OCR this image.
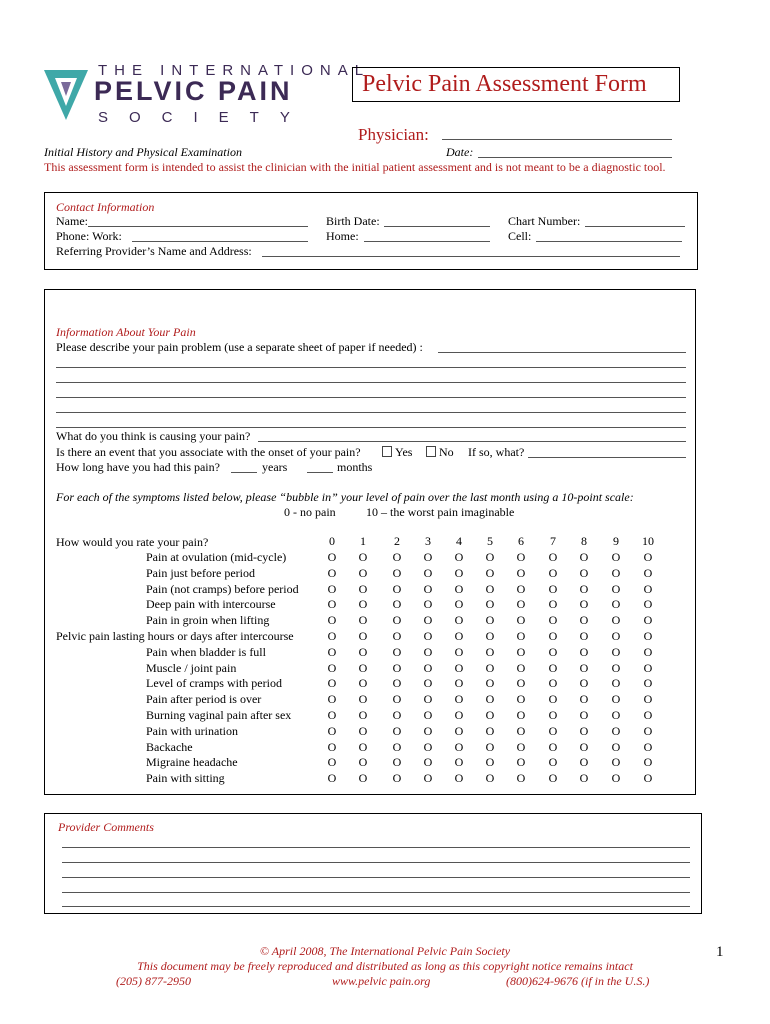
THE INTERNATIONAL
PELVIC PAIN
SOCIETY
Pelvic Pain Assessment Form
Physician:
Initial History and Physical Examination	Date:
This assessment form is intended to assist the clinician with the initial patient assessment and is not meant to be a diagnostic tool.
Contact Information
Name:	Birth Date:	Chart Number:
Phone: Work:	Home:	Cell:
Referring Provider’s Name and Address:
Information About Your Pain
Please describe your pain problem (use a separate sheet of paper if needed) :
What do you think is causing your pain?
Is there an event that you associate with the onset of your pain?	Yes	No If so, what?
How long have you had this pain?	years	months
For each of the symptoms listed below, please “bubble in” your level of pain over the last month using a 10-point scale:
0 - no pain	10 – the worst pain imaginable
How would you rate your pain?	0	1	2	3	4	5	6	7	8	9	10
Pain at ovulation (mid-cycle)	O O O O O O O O O O O
Pain just before period	O O O O O O O O O O O
Pain (not cramps) before period O O O O O O O O O O O
Deep pain with intercourse	O O O O O O O O O O O
Pain in groin when lifting	O O O O O O O O O O O
Pelvic pain lasting hours or days after intercourse	O O O O O O O O O O O
Pain when bladder is full	O O O O O O O O O O O
Muscle / joint pain	O O O O O O O O O O O
Level of cramps with period	O O O O O O O O O O O
Pain after period is over	O O O O O O O O O O O
Burning vaginal pain after sex	O O O O O O O O O O O
Pain with urination	O O O O O O O O O O O
Backache	O O O O O O O O O O O
Migraine headache	O O O O O O O O O O O
Pain with sitting	O O O O O O O O O O O
Provider Comments
© April 2008, The International Pelvic Pain Society
This document may be freely reproduced and distributed as long as this copyright notice remains intact
(205) 877-2950	www.pelvic pain.org	(800)624-9676 (if in the U.S.)
1
